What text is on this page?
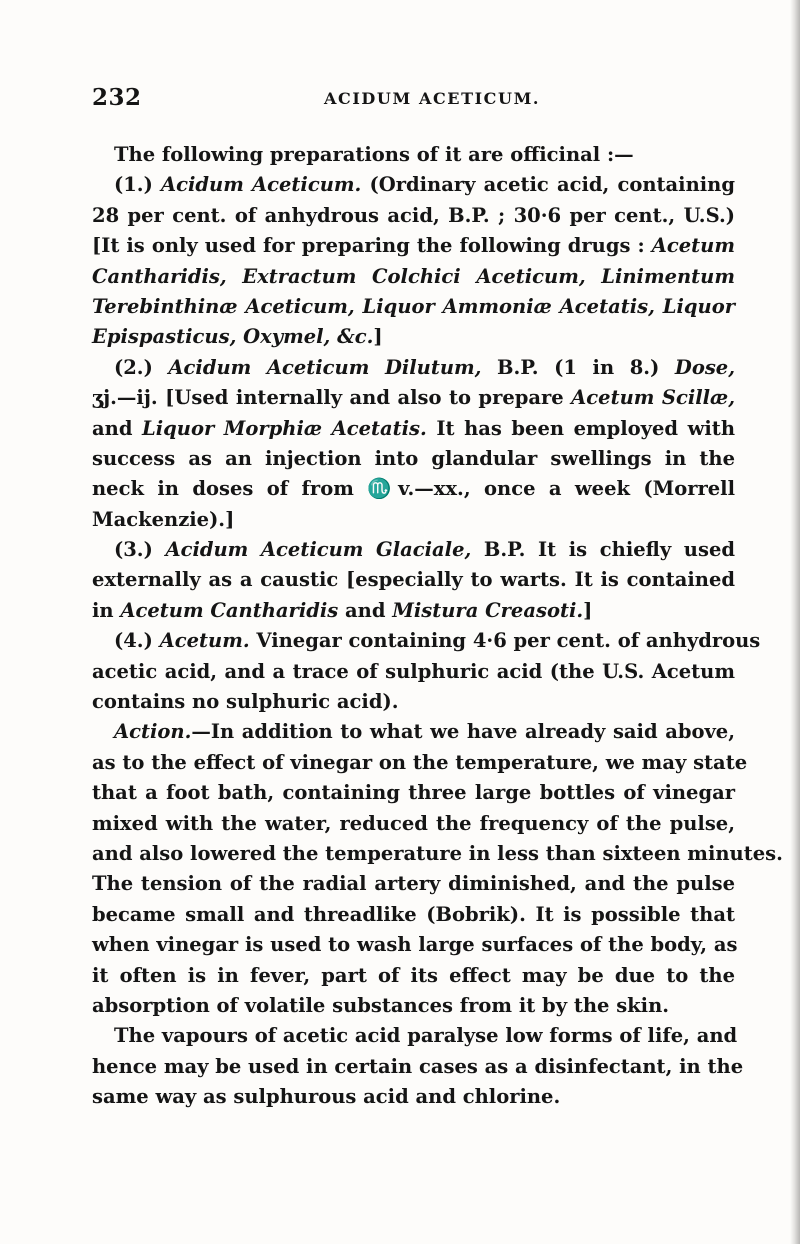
232	ACIDUM ACETICUM.
The following preparations of it are officinal :—
(1.) Acidum Aceticum. (Ordinary acetic acid, containing
28 per cent. of anhydrous acid, B.P. ; 30·6 per cent., U.S.)
[It is only used for preparing the following drugs : Acetum
Cantharidis, Extractum Colchici Aceticum, Linimentum
Terebinthinæ Aceticum, Liquor Ammoniæ Acetatis, Liquor
Epispasticus, Oxymel, &c.]
(2.) Acidum Aceticum Dilutum, B.P. (1 in 8.) Dose,
ʒj.—ij. [Used internally and also to prepare Acetum Scillæ,
and Liquor Morphiæ Acetatis. It has been employed with
success as an injection into glandular swellings in the
neck in doses of from ♏v.—xx., once a week (Morrell
Mackenzie).]
(3.) Acidum Aceticum Glaciale, B.P. It is chiefly used
externally as a caustic [especially to warts. It is contained
in Acetum Cantharidis and Mistura Creasoti.]
(4.) Acetum. Vinegar containing 4·6 per cent. of anhydrous
acetic acid, and a trace of sulphuric acid (the U.S. Acetum
contains no sulphuric acid).
Action.—In addition to what we have already said above,
as to the effect of vinegar on the temperature, we may state
that a foot bath, containing three large bottles of vinegar
mixed with the water, reduced the frequency of the pulse,
and also lowered the temperature in less than sixteen minutes.
The tension of the radial artery diminished, and the pulse
became small and threadlike (Bobrik). It is possible that
when vinegar is used to wash large surfaces of the body, as
it often is in fever, part of its effect may be due to the
absorption of volatile substances from it by the skin.
The vapours of acetic acid paralyse low forms of life, and
hence may be used in certain cases as a disinfectant, in the
same way as sulphurous acid and chlorine.
